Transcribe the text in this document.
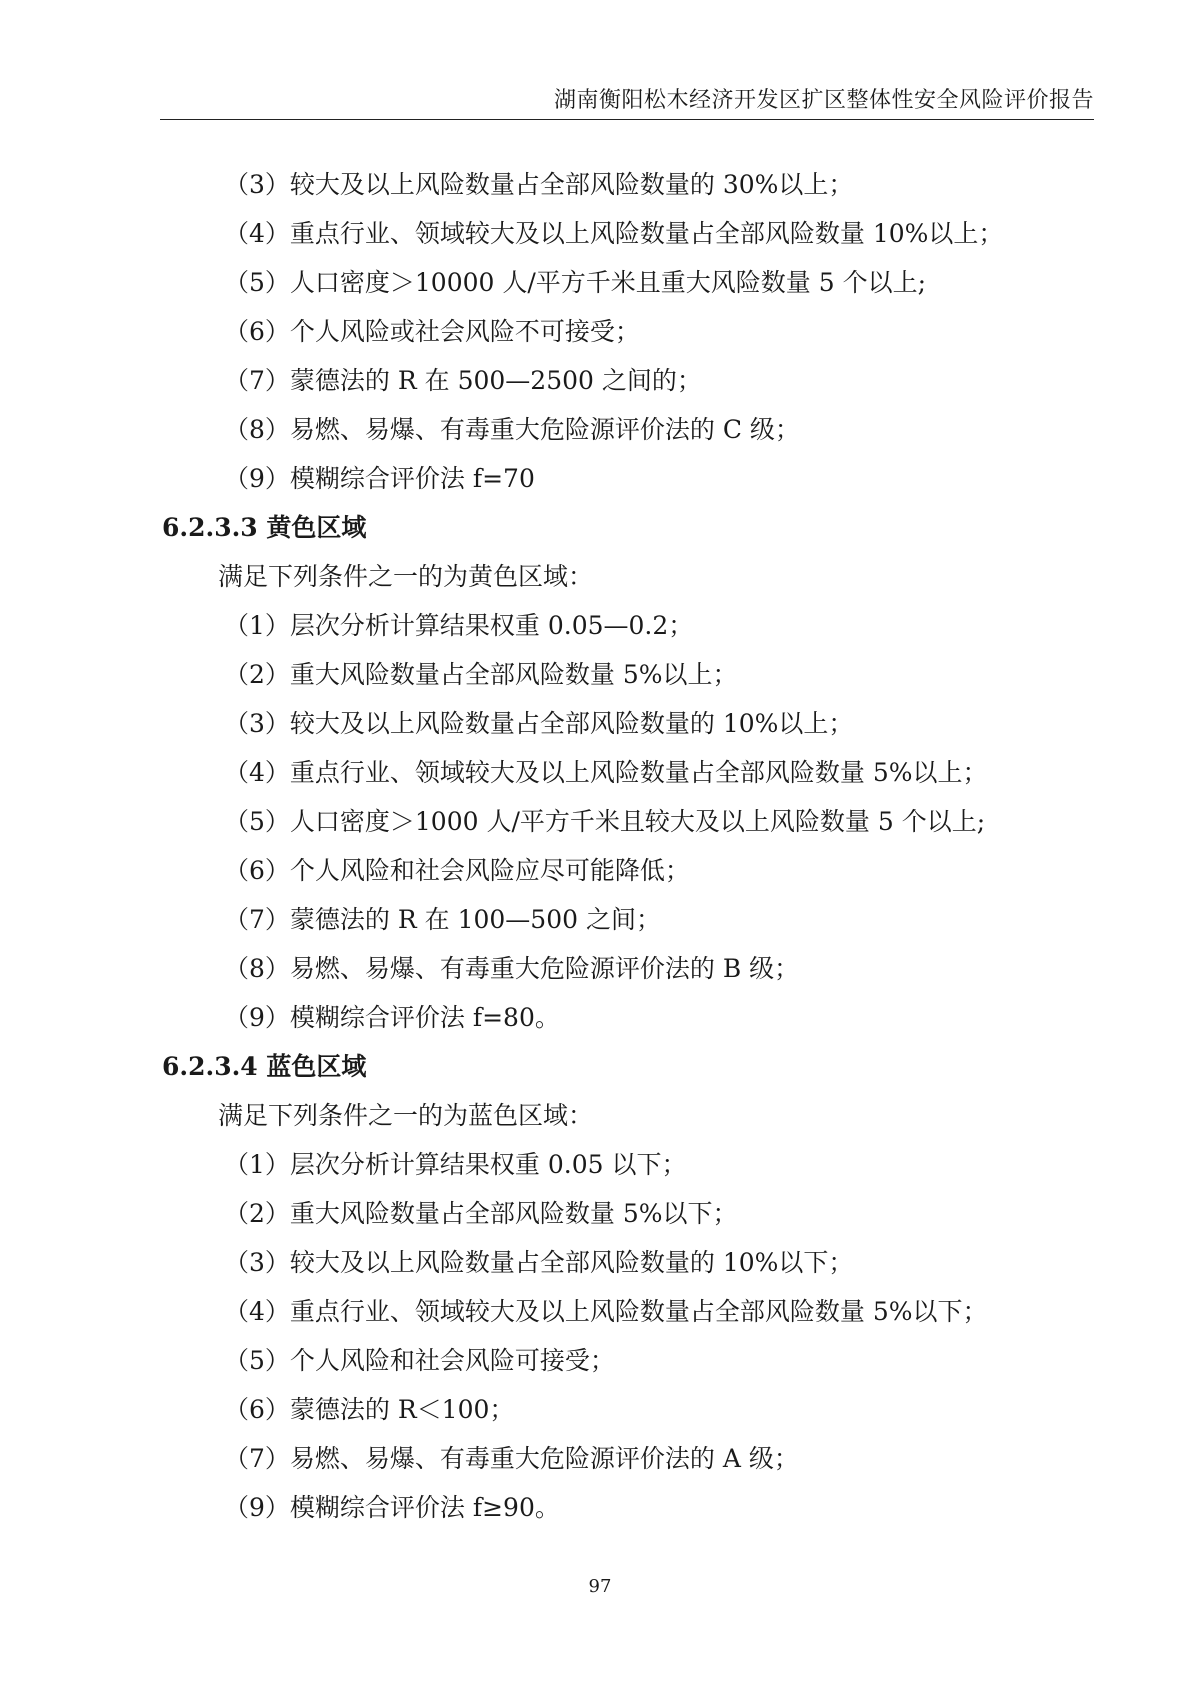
湖南衡阳松木经济开发区扩区整体性安全风险评价报告

（3）较大及以上风险数量占全部风险数量的 30%以上；

（4）重点行业、领域较大及以上风险数量占全部风险数量 10%以上；

（5）人口密度＞10000 人/平方千米且重大风险数量 5 个以上;

（6）个人风险或社会风险不可接受；

（7）蒙德法的 R 在 500—2500 之间的；

（8）易燃、易爆、有毒重大危险源评价法的 C 级；

（9）模糊综合评价法 f=70

6.2.3.3 黄色区域

满足下列条件之一的为黄色区域：

（1）层次分析计算结果权重 0.05—0.2；

（2）重大风险数量占全部风险数量 5%以上；

（3）较大及以上风险数量占全部风险数量的 10%以上；

（4）重点行业、领域较大及以上风险数量占全部风险数量 5%以上；

（5）人口密度＞1000 人/平方千米且较大及以上风险数量 5 个以上;

（6）个人风险和社会风险应尽可能降低；

（7）蒙德法的 R 在 100—500 之间；

（8）易燃、易爆、有毒重大危险源评价法的 B 级；

（9）模糊综合评价法 f=80。

6.2.3.4 蓝色区域

满足下列条件之一的为蓝色区域：

（1）层次分析计算结果权重 0.05 以下；

（2）重大风险数量占全部风险数量 5%以下；

（3）较大及以上风险数量占全部风险数量的 10%以下；

（4）重点行业、领域较大及以上风险数量占全部风险数量 5%以下；

（5）个人风险和社会风险可接受；

（6）蒙德法的 R＜100；

（7）易燃、易爆、有毒重大危险源评价法的 A 级；

（9）模糊综合评价法 f≥90。

97
